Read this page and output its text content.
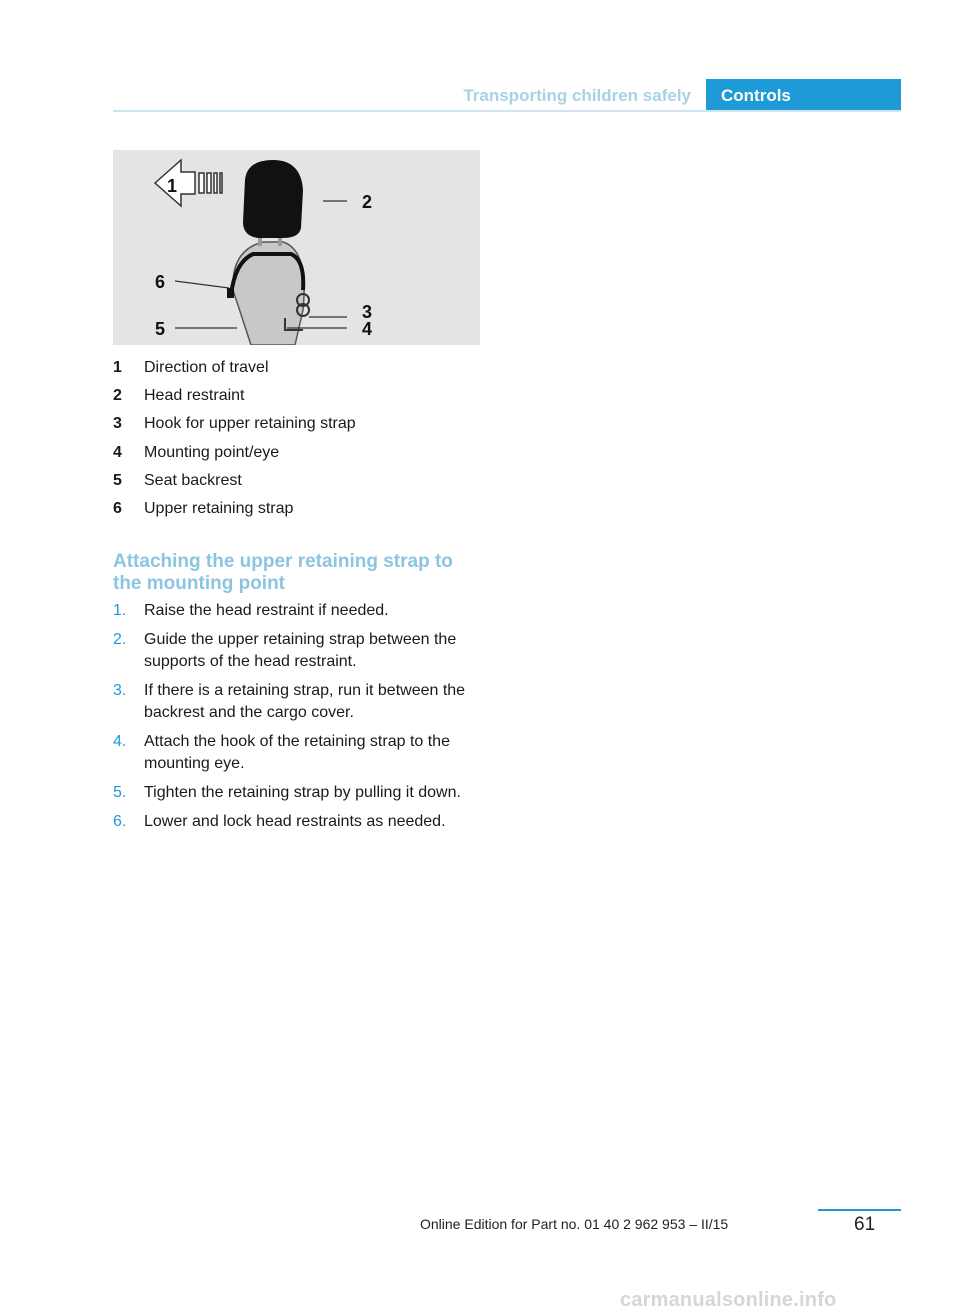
Transporting children safely	Controls
1
2
6
3
5	4
1 Direction of travel
2 Head restraint
3 Hook for upper retaining strap
4 Mounting point/eye
5 Seat backrest
6 Upper retaining strap
Attaching the upper retaining strap to the mounting point
1. Raise the head restraint if needed.
2. Guide the upper retaining strap between the supports of the head restraint.
3. If there is a retaining strap, run it between the backrest and the cargo cover.
4. Attach the hook of the retaining strap to the mounting eye.
5. Tighten the retaining strap by pulling it down.
6. Lower and lock head restraints as needed.
Online Edition for Part no. 01 40 2 962 953 – II/15	61
carmanualsonline.info
